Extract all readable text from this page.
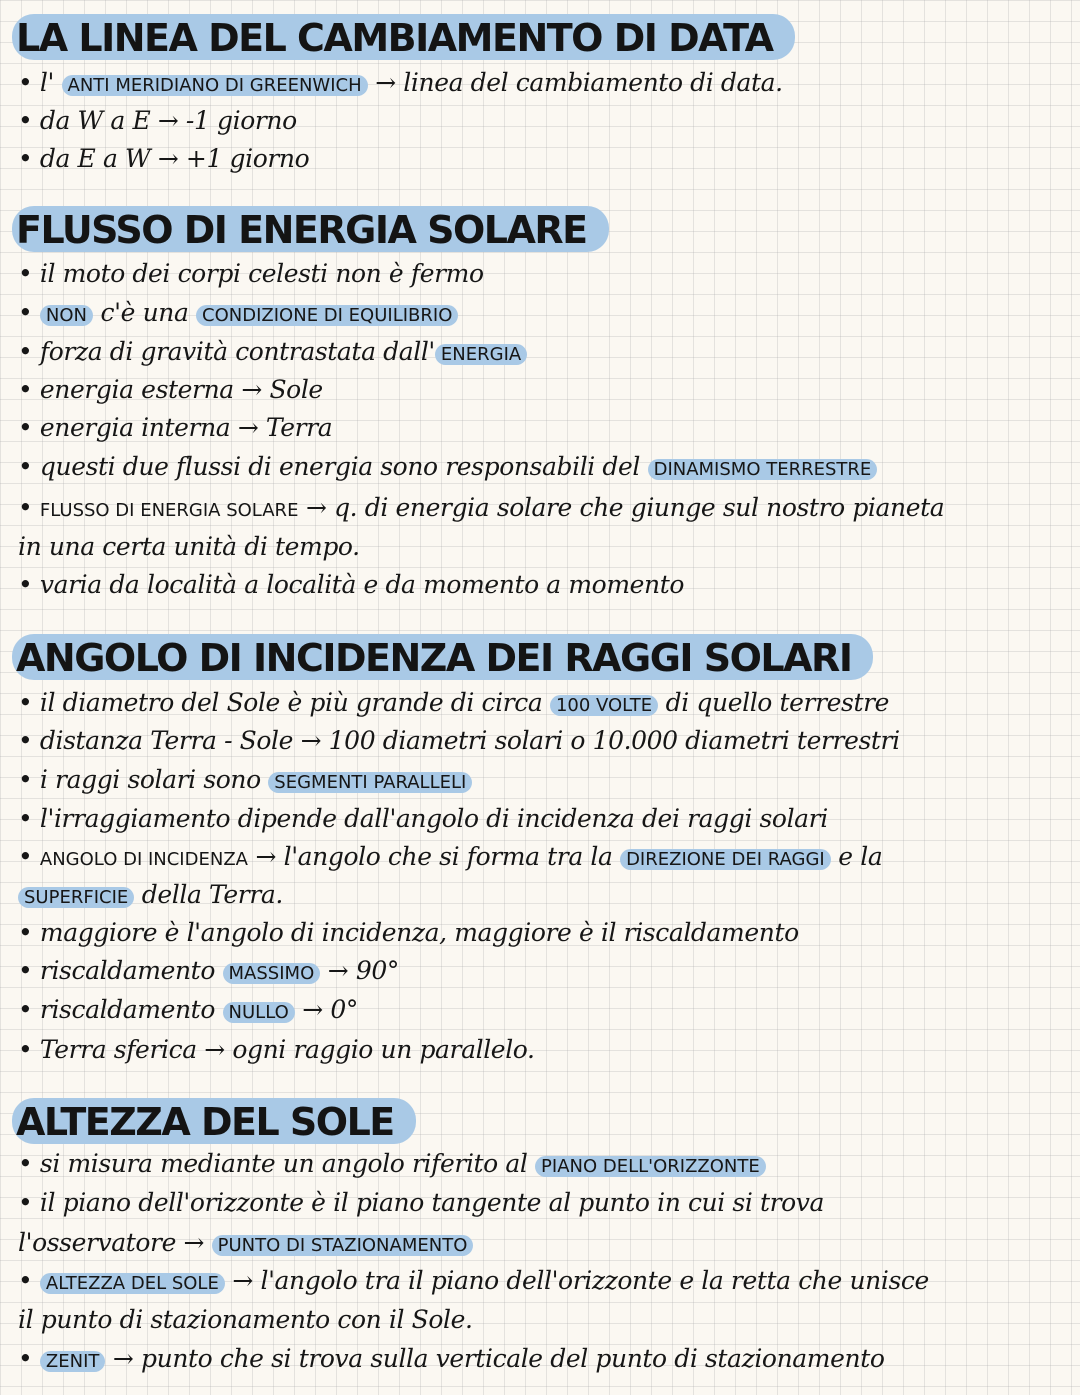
LA LINEA DEL CAMBIAMENTO DI DATA
• l' ANTI MERIDIANO DI GREENWICH → linea del cambiamento di data.
• da W a E → -1 giorno
• da E a W → +1 giorno
FLUSSO DI ENERGIA SOLARE
• il moto dei corpi celesti non è fermo
• NON c'è una CONDIZIONE DI EQUILIBRIO
• forza di gravità contrastata dall' ENERGIA
• energia esterna → Sole
• energia interna → Terra
• questi due flussi di energia sono responsabili del DINAMISMO TERRESTRE
• FLUSSO DI ENERGIA SOLARE → q. di energia solare che giunge sul nostro pianeta
in una certa unità di tempo.
• varia da località a località e da momento a momento
ANGOLO DI INCIDENZA DEI RAGGI SOLARI
• il diametro del Sole è più grande di circa 100 VOLTE di quello terrestre
• distanza Terra - Sole → 100 diametri solari o 10.000 diametri terrestri
• i raggi solari sono SEGMENTI PARALLELI
• l'irraggiamento dipende dall'angolo di incidenza dei raggi solari
• ANGOLO DI INCIDENZA → l'angolo che si forma tra la DIREZIONE DEI RAGGI e la
SUPERFICIE della Terra.
• maggiore è l'angolo di incidenza, maggiore è il riscaldamento
• riscaldamento MASSIMO → 90°
• riscaldamento NULLO → 0°
• Terra sferica → ogni raggio un parallelo.
ALTEZZA DEL SOLE
• si misura mediante un angolo riferito al PIANO DELL'ORIZZONTE
• il piano dell'orizzonte è il piano tangente al punto in cui si trova
l'osservatore → PUNTO DI STAZIONAMENTO
• ALTEZZA DEL SOLE → l'angolo tra il piano dell'orizzonte e la retta che unisce
il punto di stazionamento con il Sole.
• ZENIT → punto che si trova sulla verticale del punto di stazionamento
